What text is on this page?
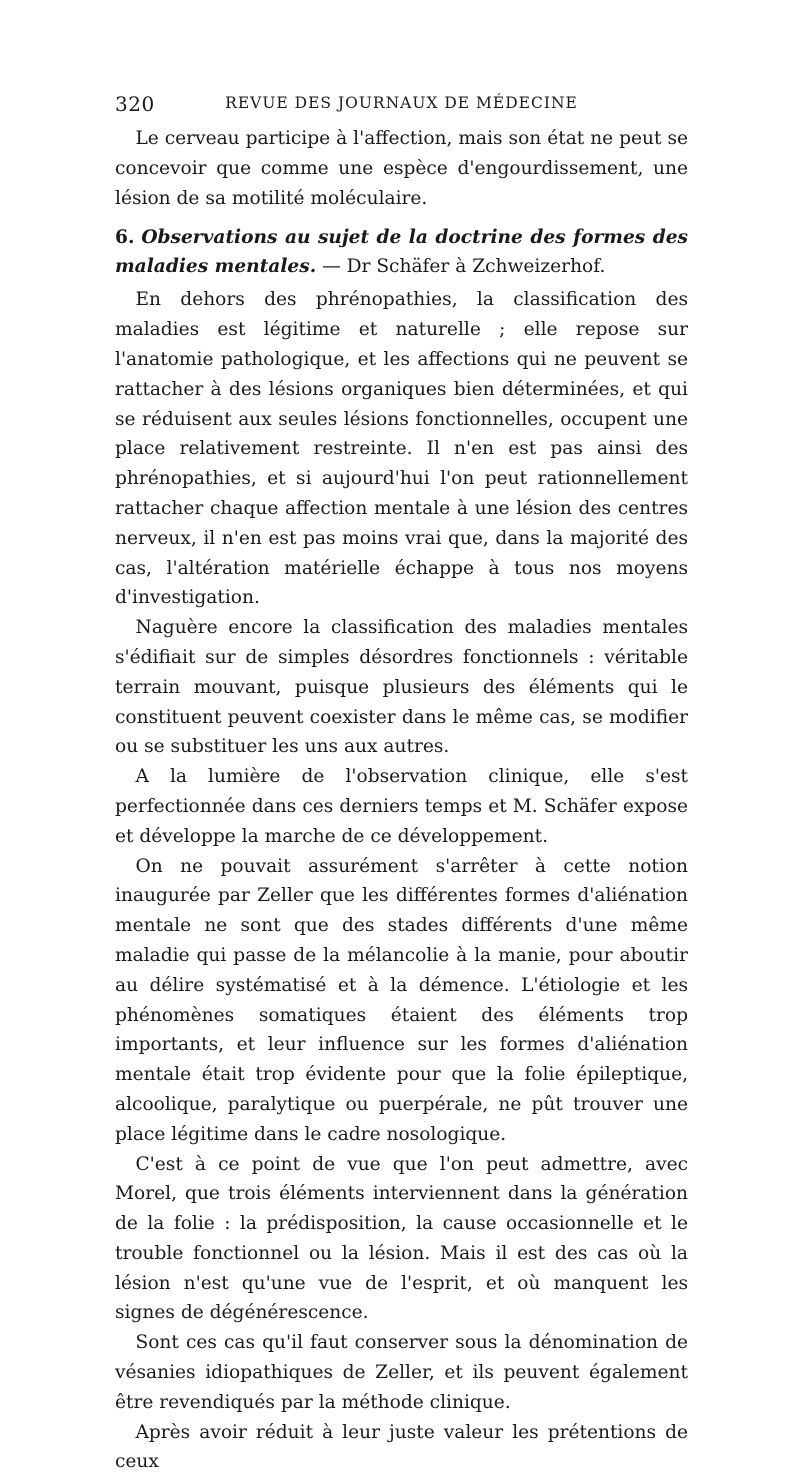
320	REVUE DES JOURNAUX DE MÉDECINE

Le cerveau participe à l'affection, mais son état ne peut se concevoir que comme une espèce d'engourdissement, une lésion de sa motilité moléculaire.

6. Observations au sujet de la doctrine des formes des maladies mentales. — Dr Schäfer à Zchweizerhof.

En dehors des phrénopathies, la classification des maladies est légitime et naturelle ; elle repose sur l'anatomie pathologique, et les affections qui ne peuvent se rattacher à des lésions organiques bien déterminées, et qui se réduisent aux seules lésions fonctionnelles, occupent une place relativement restreinte. Il n'en est pas ainsi des phrénopathies, et si aujourd'hui l'on peut rationnellement rattacher chaque affection mentale à une lésion des centres nerveux, il n'en est pas moins vrai que, dans la majorité des cas, l'altération matérielle échappe à tous nos moyens d'investigation.

Naguère encore la classification des maladies mentales s'édifiait sur de simples désordres fonctionnels : véritable terrain mouvant, puisque plusieurs des éléments qui le constituent peuvent coexister dans le même cas, se modifier ou se substituer les uns aux autres.

A la lumière de l'observation clinique, elle s'est perfectionnée dans ces derniers temps et M. Schäfer expose et développe la marche de ce développement.

On ne pouvait assurément s'arrêter à cette notion inaugurée par Zeller que les différentes formes d'aliénation mentale ne sont que des stades différents d'une même maladie qui passe de la mélancolie à la manie, pour aboutir au délire systématisé et à la démence. L'étiologie et les phénomènes somatiques étaient des éléments trop importants, et leur influence sur les formes d'aliénation mentale était trop évidente pour que la folie épileptique, alcoolique, paralytique ou puerpérale, ne pût trouver une place légitime dans le cadre nosologique.

C'est à ce point de vue que l'on peut admettre, avec Morel, que trois éléments interviennent dans la génération de la folie : la prédisposition, la cause occasionnelle et le trouble fonctionnel ou la lésion. Mais il est des cas où la lésion n'est qu'une vue de l'esprit, et où manquent les signes de dégénérescence.

Sont ces cas qu'il faut conserver sous la dénomination de vésanies idiopathiques de Zeller, et ils peuvent également être revendiqués par la méthode clinique.

Après avoir réduit à leur juste valeur les prétentions de ceux
